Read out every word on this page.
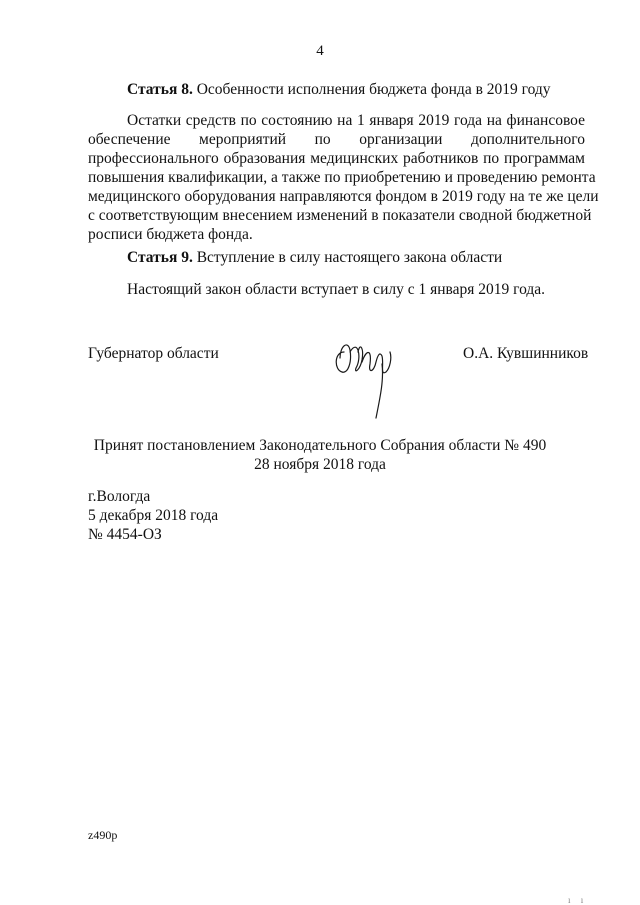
4
Статья 8. Особенности исполнения бюджета фонда в 2019 году
Остатки средств по состоянию на 1 января 2019 года на финансовое
обеспечение мероприятий по организации дополнительного
профессионального образования медицинских работников по программам
повышения квалификации, а также по приобретению и проведению ремонта
медицинского оборудования направляются фондом в 2019 году на те же цели
с соответствующим внесением изменений в показатели сводной бюджетной
росписи бюджета фонда.
Статья 9. Вступление в силу настоящего закона области
Настоящий закон области вступает в силу с 1 января 2019 года.
Губернатор области	О.А. Кувшинников
Принят постановлением Законодательного Собрания области № 490
28 ноября 2018 года
г.Вологда
5 декабря 2018 года
№ 4454-ОЗ
z490p
ı ı
